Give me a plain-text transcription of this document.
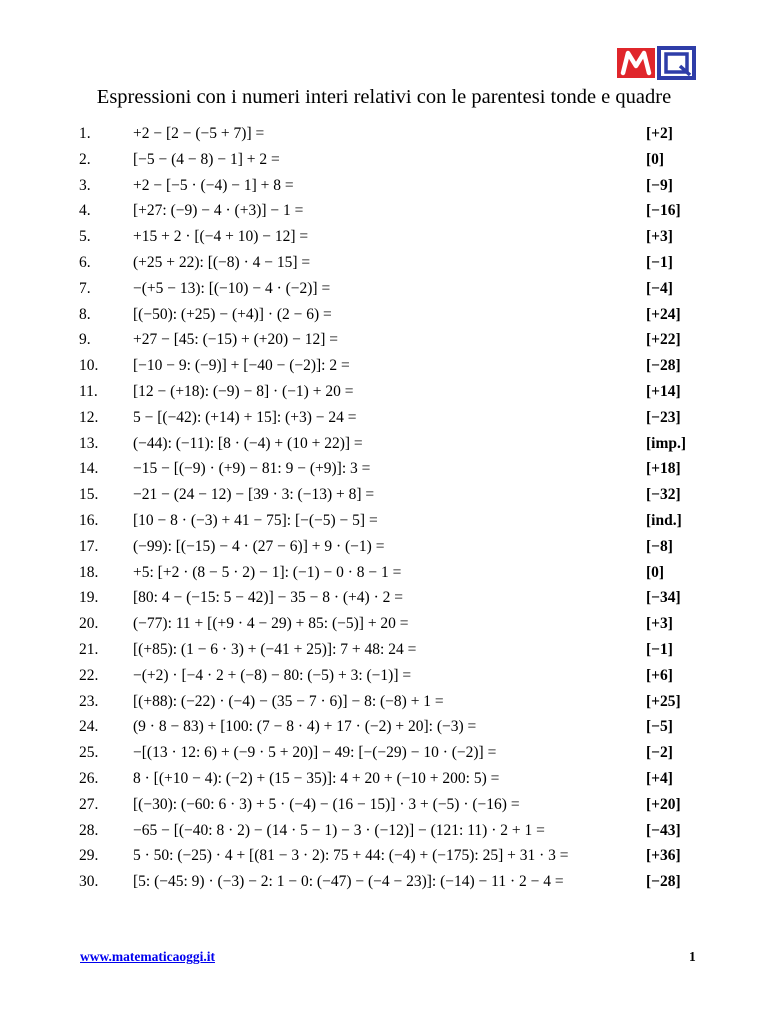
Espressioni con i numeri interi relativi con le parentesi tonde e quadre
1.	+2 − [2 − (−5 + 7)] =	[+2]
2.	[−5 − (4 − 8) − 1] + 2 =	[0]
3.	+2 − [−5 · (−4) − 1] + 8 =	[−9]
4.	[+27: (−9) − 4 · (+3)] − 1 =	[−16]
5.	+15 + 2 · [(−4 + 10) − 12] =	[+3]
6.	(+25 + 22): [(−8) · 4 − 15] =	[−1]
7.	−(+5 − 13): [(−10) − 4 · (−2)] =	[−4]
8.	[(−50): (+25) − (+4)] · (2 − 6) =	[+24]
9.	+27 − [45: (−15) + (+20) − 12] =	[+22]
10.	[−10 − 9: (−9)] + [−40 − (−2)]: 2 =	[−28]
11.	[12 − (+18): (−9) − 8] · (−1) + 20 =	[+14]
12.	5 − [(−42): (+14) + 15]: (+3) − 24 =	[−23]
13.	(−44): (−11): [8 · (−4) + (10 + 22)] =	[imp.]
14.	−15 − [(−9) · (+9) − 81: 9 − (+9)]: 3 =	[+18]
15.	−21 − (24 − 12) − [39 · 3: (−13) + 8] =	[−32]
16.	[10 − 8 · (−3) + 41 − 75]: [−(−5) − 5] =	[ind.]
17.	(−99): [(−15) − 4 · (27 − 6)] + 9 · (−1) =	[−8]
18.	+5: [+2 · (8 − 5 · 2) − 1]: (−1) − 0 · 8 − 1 =	[0]
19.	[80: 4 − (−15: 5 − 42)] − 35 − 8 · (+4) · 2 =	[−34]
20.	(−77): 11 + [(+9 · 4 − 29) + 85: (−5)] + 20 =	[+3]
21.	[(+85): (1 − 6 · 3) + (−41 + 25)]: 7 + 48: 24 =	[−1]
22.	−(+2) · [−4 · 2 + (−8) − 80: (−5) + 3: (−1)] =	[+6]
23.	[(+88): (−22) · (−4) − (35 − 7 · 6)] − 8: (−8) + 1 =	[+25]
24.	(9 · 8 − 83) + [100: (7 − 8 · 4) + 17 · (−2) + 20]: (−3) =	[−5]
25.	−[(13 · 12: 6) + (−9 · 5 + 20)] − 49: [−(−29) − 10 · (−2)] =	[−2]
26.	8 · [(+10 − 4): (−2) + (15 − 35)]: 4 + 20 + (−10 + 200: 5) =	[+4]
27.	[(−30): (−60: 6 · 3) + 5 · (−4) − (16 − 15)] · 3 + (−5) · (−16) =	[+20]
28.	−65 − [(−40: 8 · 2) − (14 · 5 − 1) − 3 · (−12)] − (121: 11) · 2 + 1 =	[−43]
29.	5 · 50: (−25) · 4 + [(81 − 3 · 2): 75 + 44: (−4) + (−175): 25] + 31 · 3 =	[+36]
30.	[5: (−45: 9) · (−3) − 2: 1 − 0: (−47) − (−4 − 23)]: (−14) − 11 · 2 − 4 =	[−28]
www.matematicaoggi.it	1
